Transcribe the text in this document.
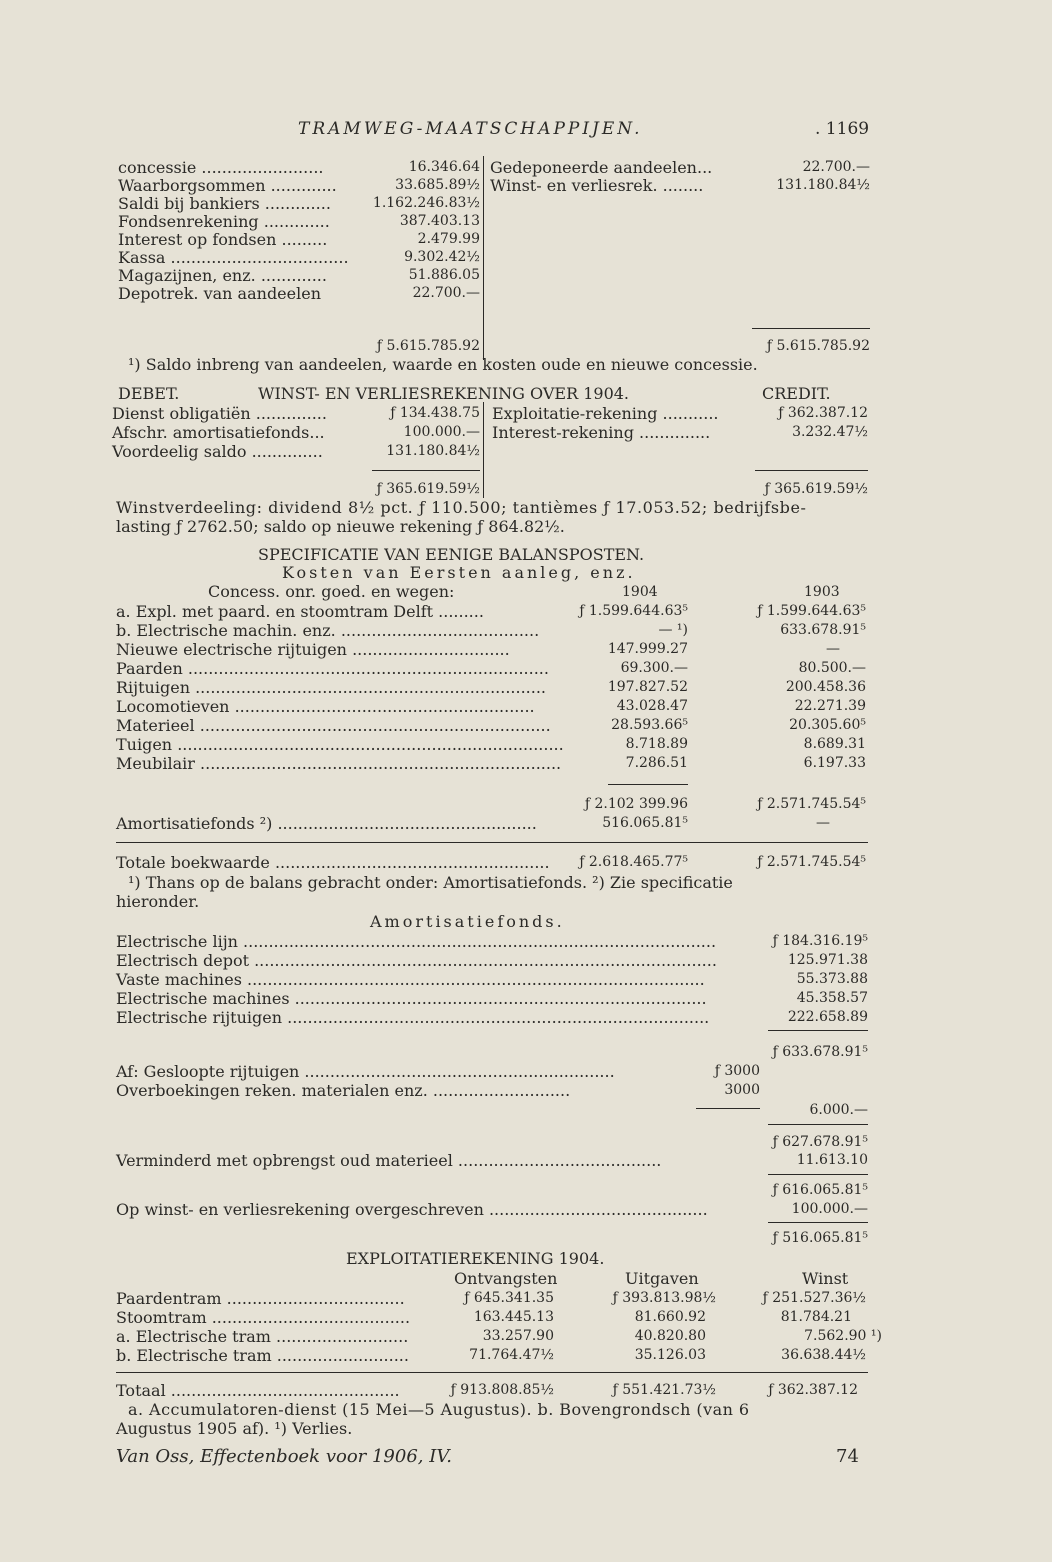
TRAMWEG-MAATSCHAPPIJEN.	. 1169
concessie ........................	16.346.64
Waarborgsommen .............	33.685.89½
Saldi bij bankiers .............	1.162.246.83½
Fondsenrekening .............	387.403.13
Interest op fondsen .........	2.479.99
Kassa ...................................	9.302.42½
Magazijnen, enz. .............	51.886.05
Depotrek. van aandeelen	22.700.—
Gedeponeerde aandeelen...	22.700.—
Winst- en verliesrek. ........	131.180.84½
ƒ 5.615.785.92	ƒ 5.615.785.92
¹) Saldo inbreng van aandeelen, waarde en kosten oude en nieuwe concessie.
DEBET.	WINST- EN VERLIESREKENING OVER 1904.	CREDIT.
Dienst obligatiën ..............	ƒ 134.438.75
Afschr. amortisatiefonds...	100.000.—
Voordeelig saldo ..............	131.180.84½
Exploitatie-rekening ...........	ƒ 362.387.12
Interest-rekening ..............	3.232.47½
ƒ 365.619.59½	ƒ 365.619.59½
Winstverdeeling: dividend 8½ pct. ƒ 110.500; tantièmes ƒ 17.053.52; bedrijfsbe-
lasting ƒ 2762.50; saldo op nieuwe rekening ƒ 864.82½.
SPECIFICATIE VAN EENIGE BALANSPOSTEN.
Kosten van Eersten aanleg, enz.
Concess. onr. goed. en wegen:	1904	1903
a. Expl. met paard. en stoomtram Delft .........	ƒ 1.599.644.63⁵	ƒ 1.599.644.63⁵
b. Electrische machin. enz. .......................................	— ¹)	633.678.91⁵
Nieuwe electrische rijtuigen ...............................	147.999.27	—
Paarden .......................................................................	69.300.—	80.500.—
Rijtuigen .....................................................................	197.827.52	200.458.36
Locomotieven ...........................................................	43.028.47	22.271.39
Materieel .....................................................................	28.593.66⁵	20.305.60⁵
Tuigen ............................................................................	8.718.89	8.689.31
Meubilair .......................................................................	7.286.51	6.197.33
ƒ 2.102 399.96	ƒ 2.571.745.54⁵
Amortisatiefonds ²) ...................................................	516.065.81⁵	—
Totale boekwaarde ......................................................	ƒ 2.618.465.77⁵	ƒ 2.571.745.54⁵
¹) Thans op de balans gebracht onder: Amortisatiefonds. ²) Zie specificatie
hieronder.
Amortisatiefonds.
Electrische lijn .............................................................................................	ƒ 184.316.19⁵
Electrisch depot ...........................................................................................	125.971.38
Vaste machines ..........................................................................................	55.373.88
Electrische machines .................................................................................	45.358.57
Electrische rijtuigen ...................................................................................	222.658.89
ƒ 633.678.91⁵
Af: Gesloopte rijtuigen .............................................................	ƒ 3000
Overboekingen reken. materialen enz. ...........................	3000
6.000.—
ƒ 627.678.91⁵
Verminderd met opbrengst oud materieel ........................................	11.613.10
ƒ 616.065.81⁵
Op winst- en verliesrekening overgeschreven ...........................................	100.000.—
ƒ 516.065.81⁵
EXPLOITATIEREKENING 1904.
Ontvangsten	Uitgaven	Winst
Paardentram ...................................	ƒ 645.341.35	ƒ 393.813.98½	ƒ 251.527.36½
Stoomtram .......................................	163.445.13	81.660.92	81.784.21
a. Electrische tram ..........................	33.257.90	40.820.80	7.562.90 ¹)
b. Electrische tram ..........................	71.764.47½	35.126.03	36.638.44½
Totaal .............................................	ƒ 913.808.85½	ƒ 551.421.73½	ƒ 362.387.12
a. Accumulatoren-dienst (15 Mei—5 Augustus). b. Bovengrondsch (van 6
Augustus 1905 af). ¹) Verlies.
Van Oss, Effectenboek voor 1906, IV.	74
